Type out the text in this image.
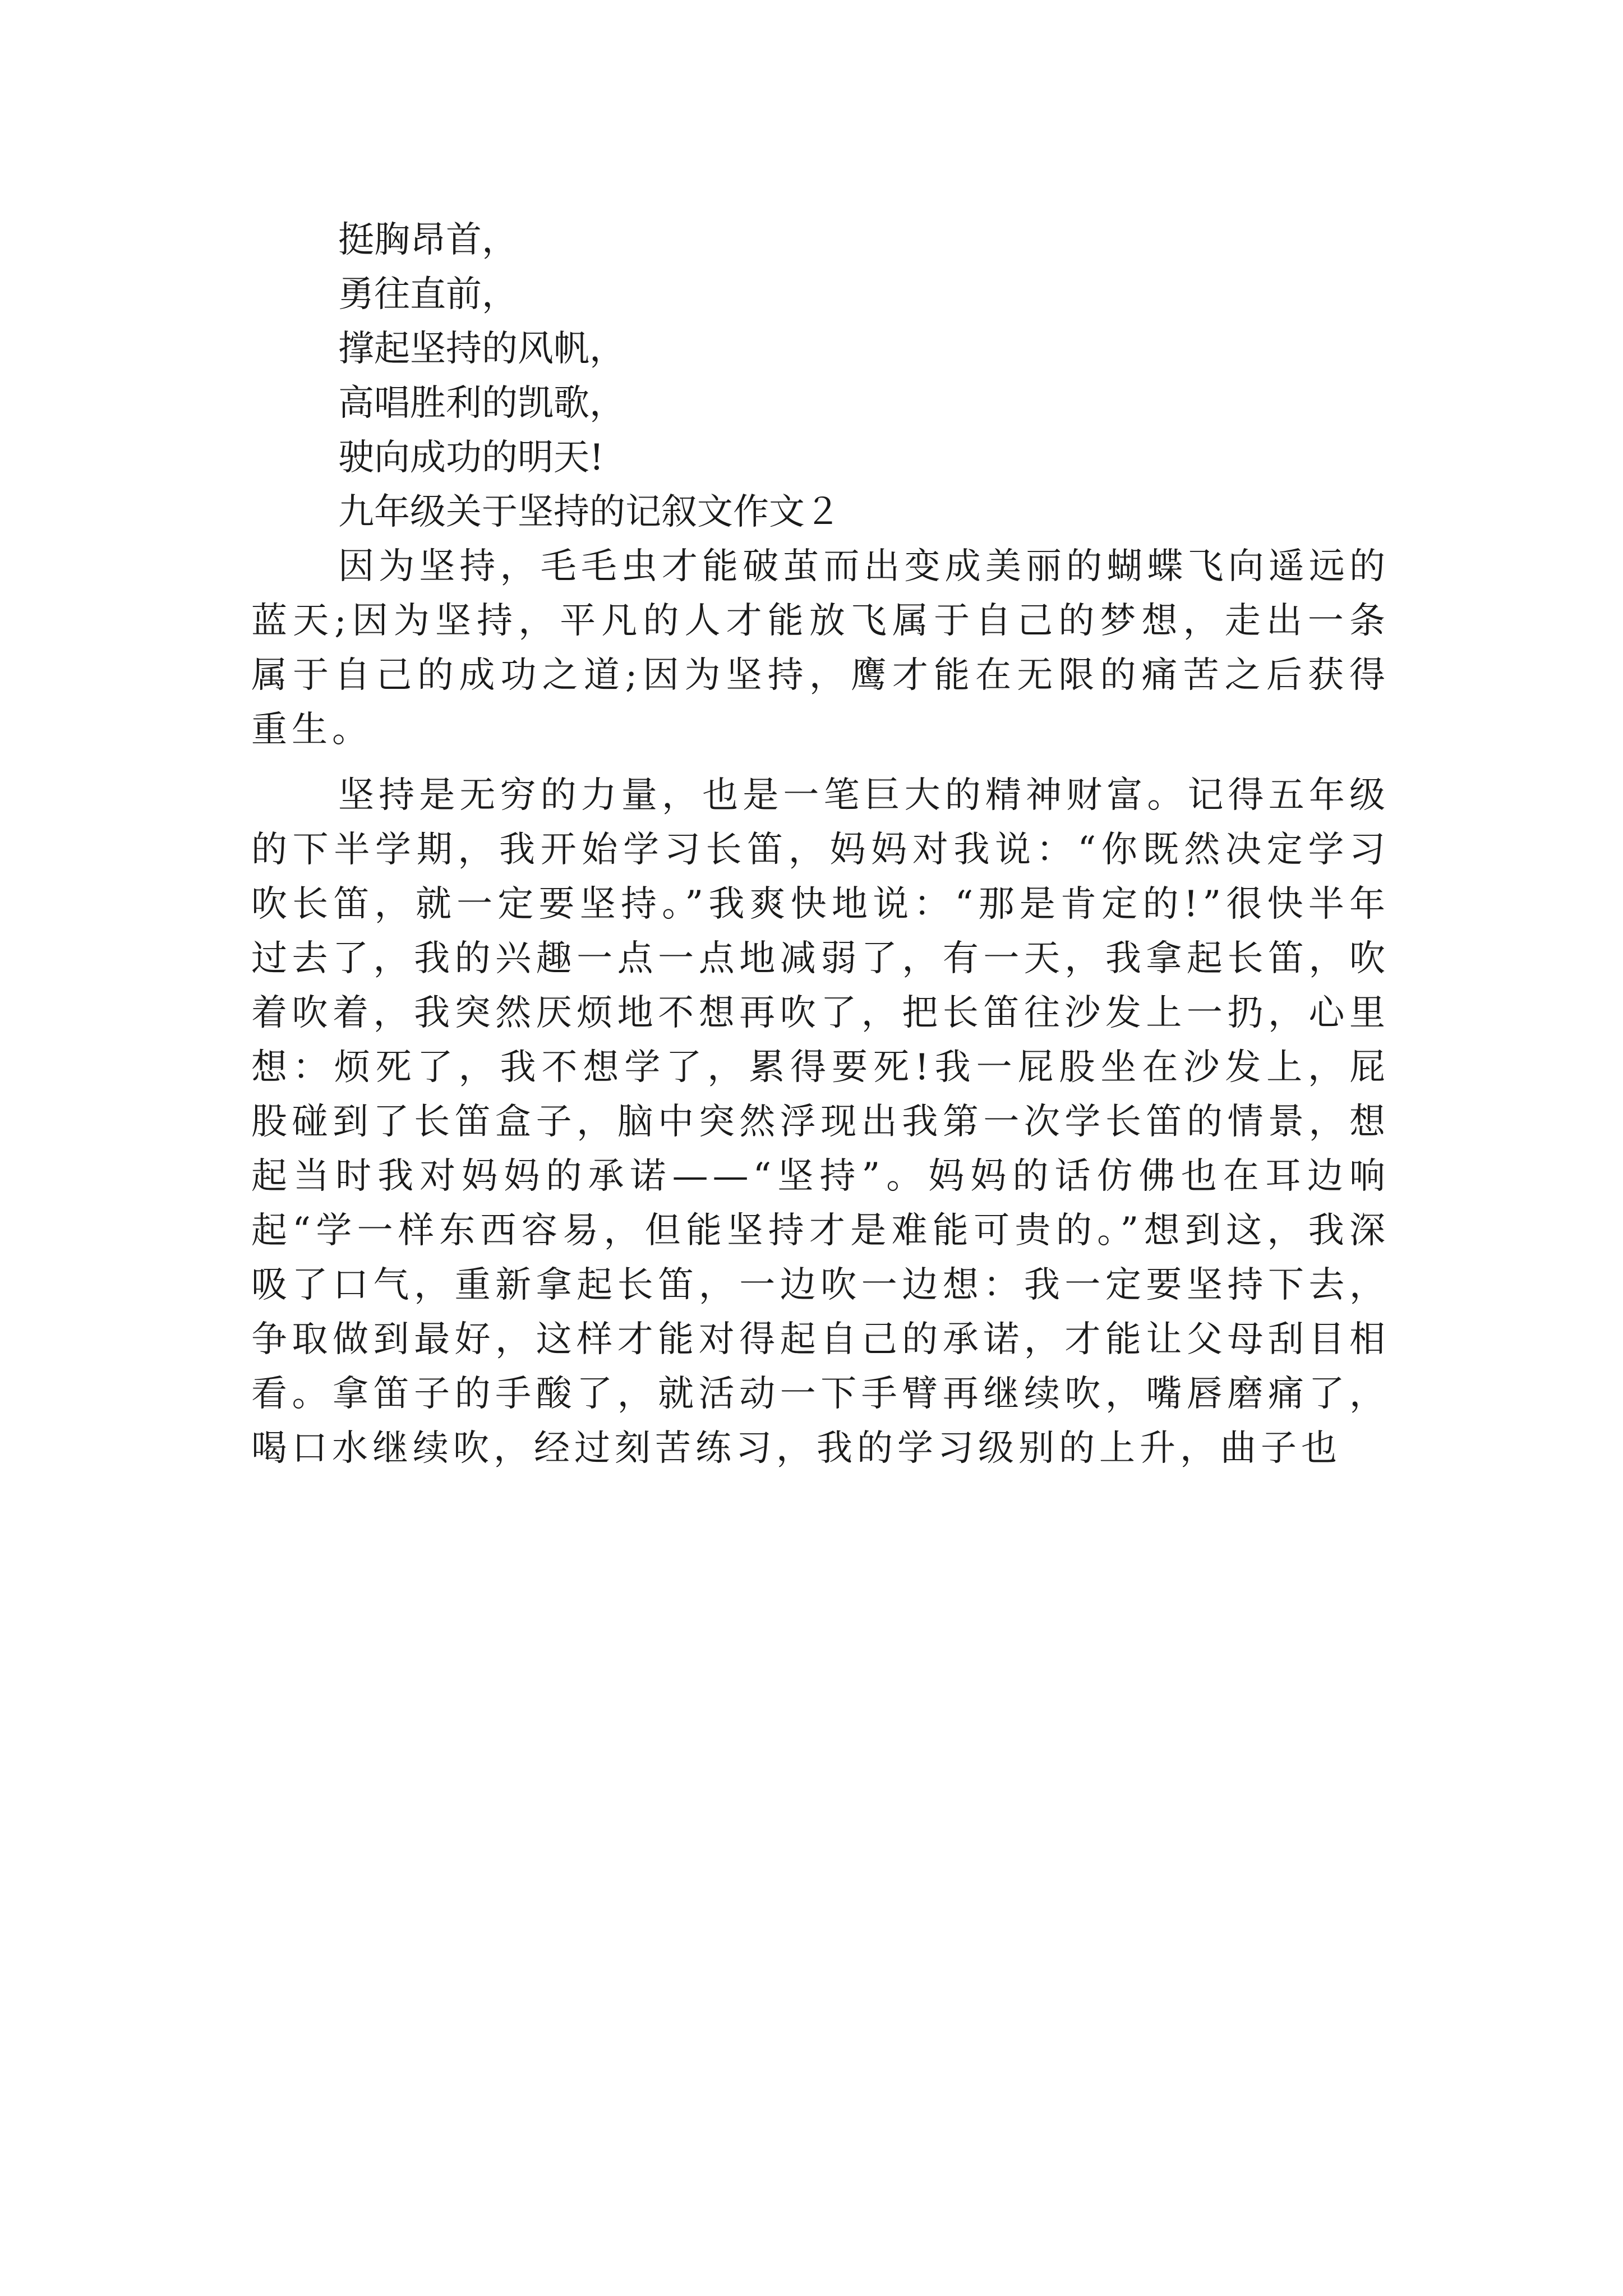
挺胸昂首，
勇往直前，
撑起坚持的风帆，
高唱胜利的凯歌，
驶向成功的明天!
九年级关于坚持的记叙文作文２

因为坚持，毛毛虫才能破茧而出变成美丽的蝴蝶飞向遥远的蓝天;因为坚持，平凡的人才能放飞属于自己的梦想，走出一条属于自己的成功之道;因为坚持，鹰才能在无限的痛苦之后获得重生。

坚持是无穷的力量，也是一笔巨大的精神财富。记得五年级的下半学期，我开始学习长笛，妈妈对我说：“你既然决定学习吹长笛，就一定要坚持。”我爽快地说：“那是肯定的!”很快半年过去了，我的兴趣一点一点地减弱了，有一天，我拿起长笛，吹着吹着，我突然厌烦地不想再吹了，把长笛往沙发上一扔，心里想：烦死了，我不想学了，累得要死!我一屁股坐在沙发上，屁股碰到了长笛盒子，脑中突然浮现出我第一次学长笛的情景，想起当时我对妈妈的承诺——“坚持”。妈妈的话仿佛也在耳边响起“学一样东西容易，但能坚持才是难能可贵的。”想到这，我深吸了口气，重新拿起长笛，一边吹一边想：我一定要坚持下去，争取做到最好，这样才能对得起自己的承诺，才能让父母刮目相看。拿笛子的手酸了，就活动一下手臂再继续吹，嘴唇磨痛了，喝口水继续吹，经过刻苦练习，我的学习级别的上升，曲子也
